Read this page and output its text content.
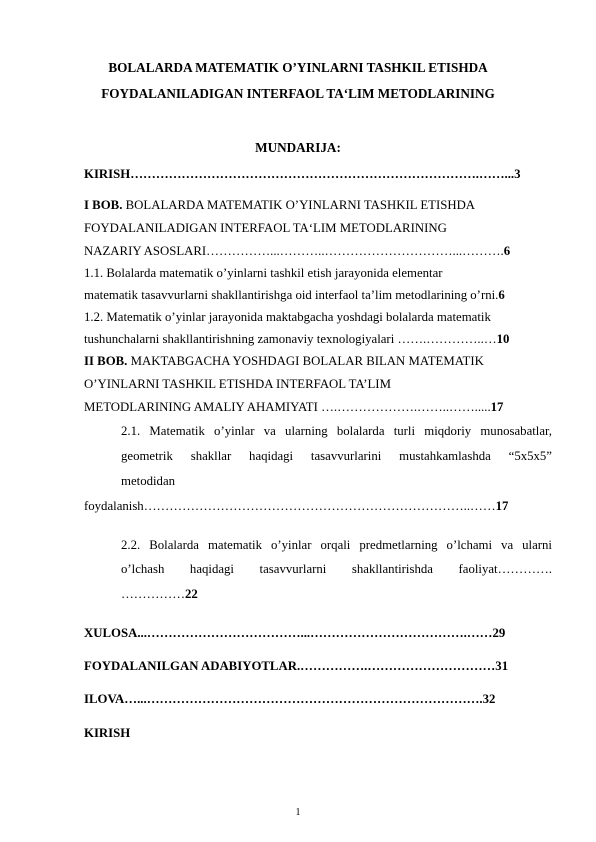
BOLALARDA MATEMATIK O’YINLARNI TASHKIL ETISHDA
FOYDALANILADIGAN INTERFAOL TA‘LIM METODLARINING
MUNDARIJA:
KIRISH……………………………………………………………………….……...3
I BOB. BOLALARDA MATEMATIK O’YINLARNI TASHKIL ETISHDA
FOYDALANILADIGAN INTERFAOL TA‘LIM METODLARINING
NAZARIY ASOSLARI……………...………..…………………………...……….6
1.1. Bolalarda matematik o’yinlarni tashkil etish jarayonida elementar
matematik tasavvurlarni shakllantirishga oid interfaol ta’lim metodlarining o’rni.6
1.2. Matematik o’yinlar jarayonida maktabgacha yoshdagi bolalarda matematik
tushunchalarni shakllantirishning zamonaviy texnologiyalari …….…………..…10
II BOB. MAKTABGACHA YOSHDAGI BOLALAR BILAN MATEMATIK
O’YINLARNI TASHKIL ETISHDA INTERFAOL TA’LIM
METODLARINING AMALIY AHAMIYATI ….……………….……..…….....17
2.1. Matematik o’yinlar va ularning bolalarda turli miqdoriy munosabatlar,
geometrik shakllar haqidagi tasavvurlarini mustahkamlashda “5x5x5”
metodidan
foydalanish…………………………………………………………………..……17
2.2. Bolalarda matematik o’yinlar orqali predmetlarning o’lchami va ularni
o’lchash haqidagi tasavvurlarni shakllantirishda faoliyat………….
……………22
XULOSA...………………………………...……………………………….……29
FOYDALANILGAN ADABIYOTLAR.…………….…………………………31
ILOVA…...…………………………………………………………………….32
KIRISH
1
